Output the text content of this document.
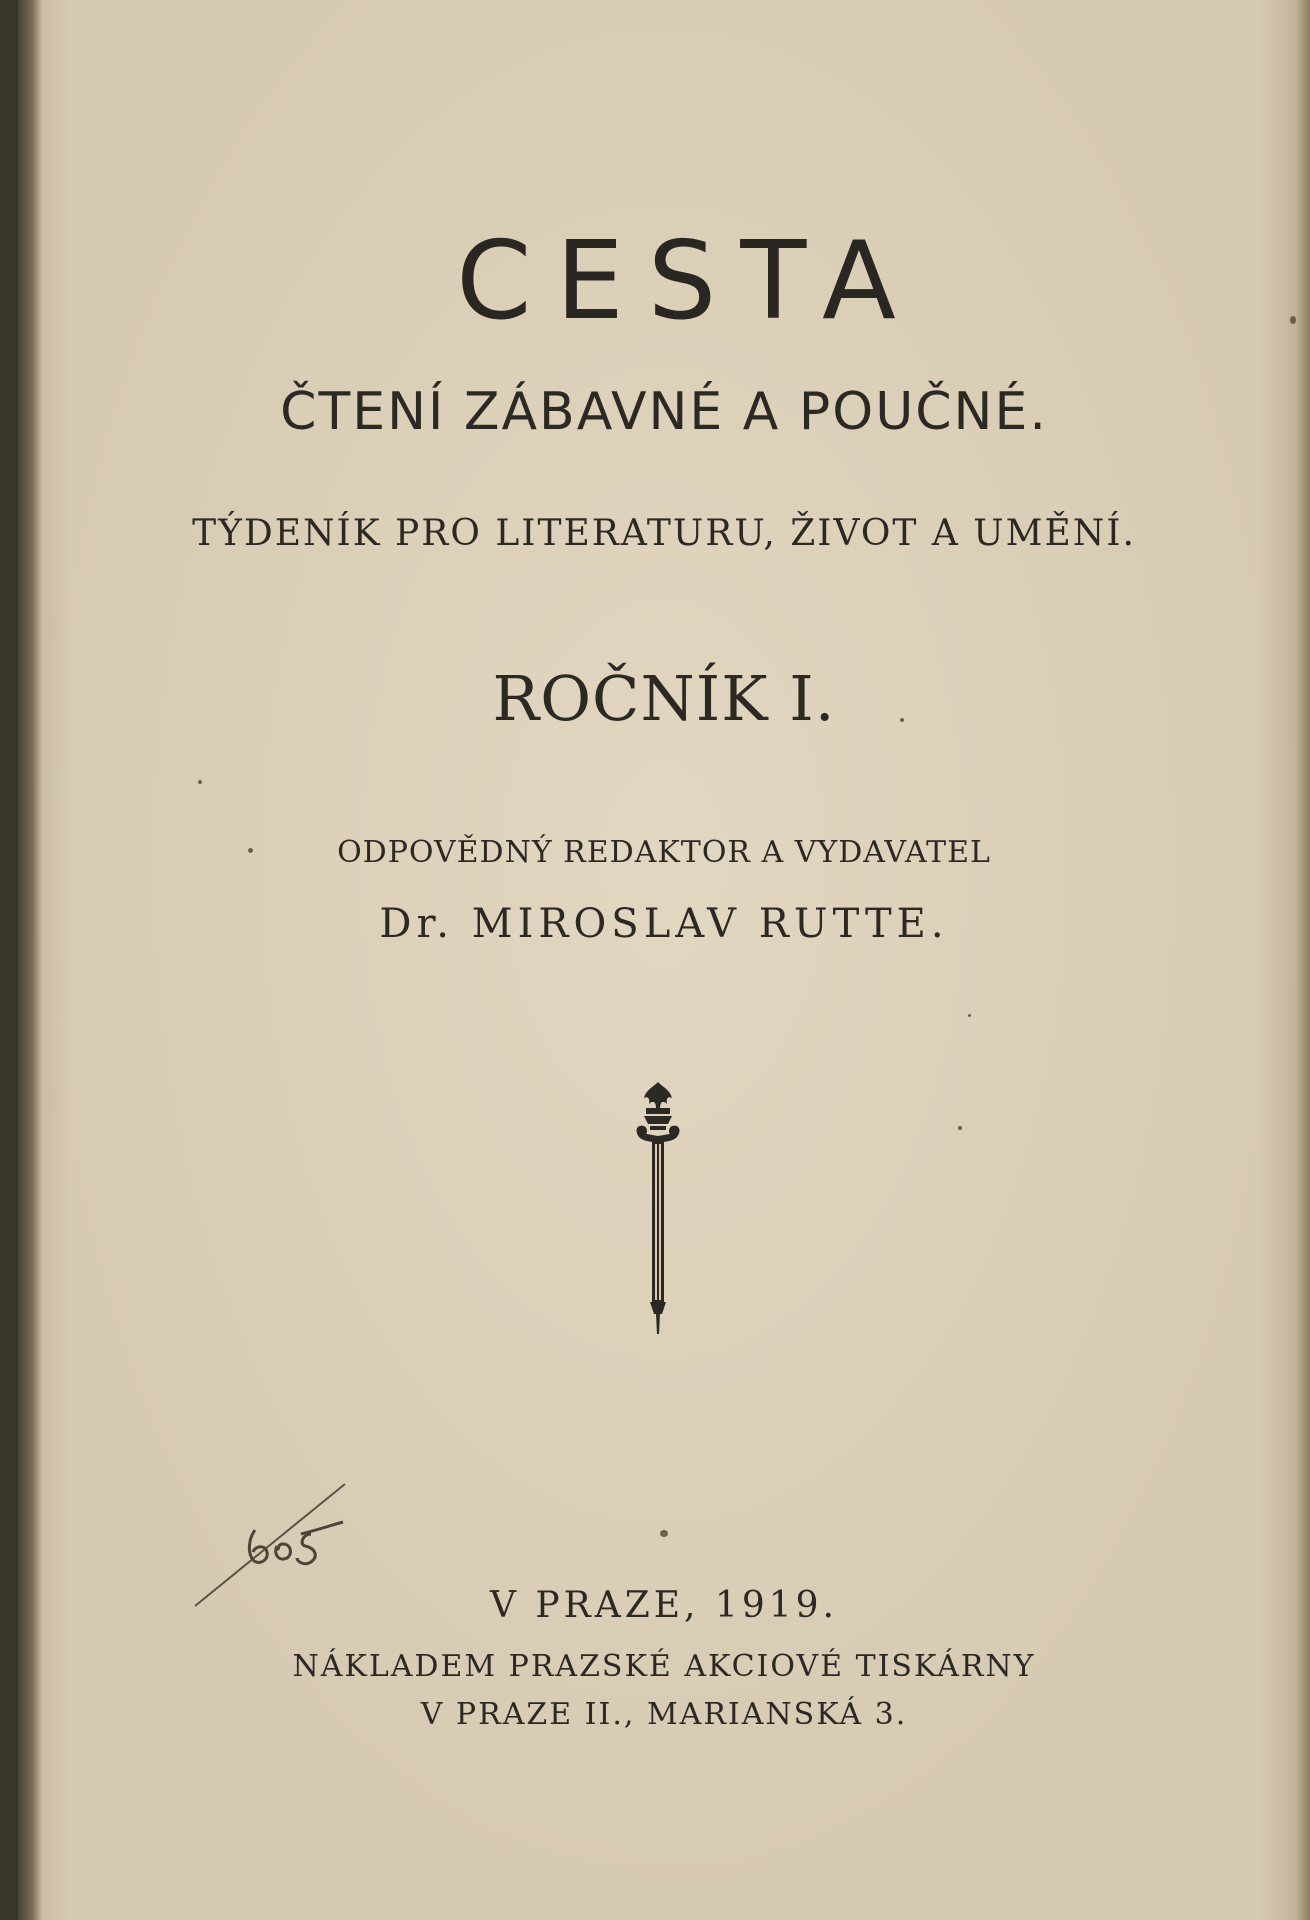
CESTA
ČTENÍ ZÁBAVNÉ A POUČNÉ.
TÝDENÍK PRO LITERATURU, ŽIVOT A UMĚNÍ.
ROČNÍK I.
ODPOVĚDNÝ REDAKTOR A VYDAVATEL
Dr. MIROSLAV RUTTE.
V PRAZE, 1919.
NÁKLADEM PRAZSKÉ AKCIOVÉ TISKÁRNY
V PRAZE II., MARIANSKÁ 3.
